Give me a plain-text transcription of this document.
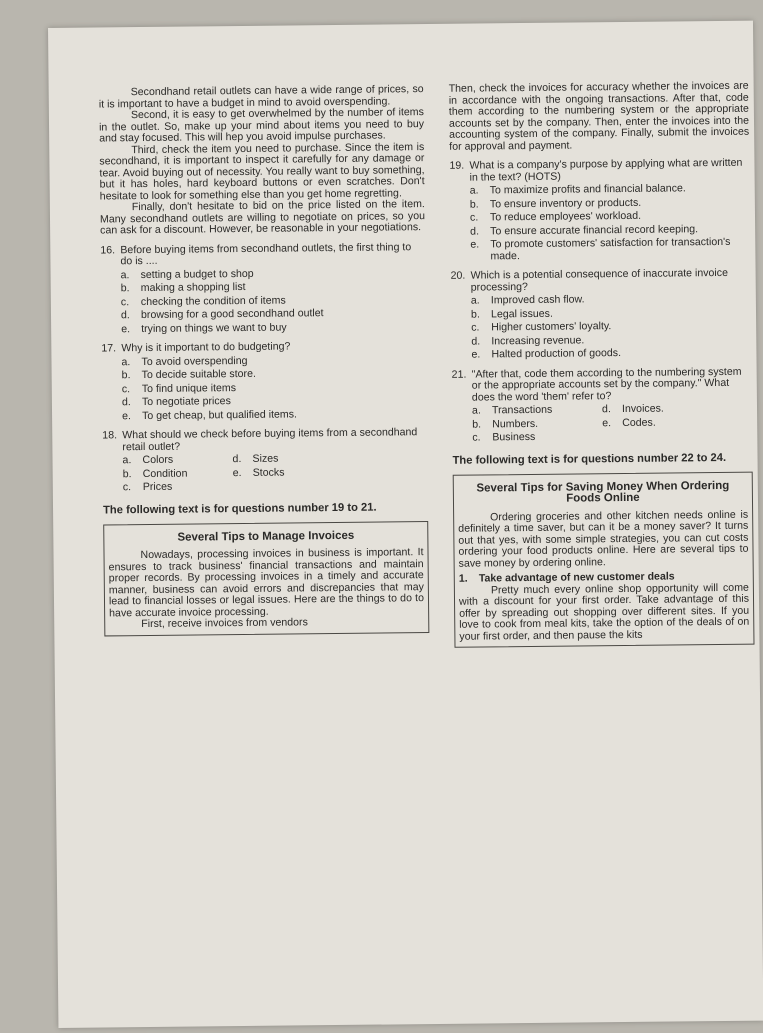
Secondhand retail outlets can have a wide range of prices, so it is important to have a budget in mind to avoid overspending.

Second, it is easy to get overwhelmed by the number of items in the outlet. So, make up your mind about items you need to buy and stay focused. This will hep you avoid impulse purchases.

Third, check the item you need to purchase. Since the item is secondhand, it is important to inspect it carefully for any damage or tear. Avoid buying out of necessity. You really want to buy something, but it has holes, hard keyboard buttons or even scratches. Don't hesitate to look for something else than you get home regretting.

Finally, don't hesitate to bid on the price listed on the item. Many secondhand outlets are willing to negotiate on prices, so you can ask for a discount. However, be reasonable in your negotiations.

16. Before buying items from secondhand outlets, the first thing to do is ....
a.	setting a budget to shop
b.	making a shopping list
c.	checking the condition of items
d.	browsing for a good secondhand outlet
e.	trying on things we want to buy
17. Why is it important to do budgeting?
a.	To avoid overspending
b.	To decide suitable store.
c.	To find unique items
d.	To negotiate prices
e.	To get cheap, but qualified items.
18. What should we check before buying items from a secondhand retail outlet?
a.	Colors	d.	Sizes
b.	Condition	e.	Stocks
c.	Prices
The following text is for questions number 19 to 21.
Several Tips to Manage Invoices

Nowadays, processing invoices in business is important. It ensures to track business' financial transactions and maintain proper records. By processing invoices in a timely and accurate manner, business can avoid errors and discrepancies that may lead to financial losses or legal issues. Here are the things to do to have accurate invoice processing.

First, receive invoices from vendors

Then, check the invoices for accuracy whether the invoices are in accordance with the ongoing transactions. After that, code them according to the numbering system or the appropriate accounts set by the company. Then, enter the invoices into the accounting system of the company. Finally, submit the invoices for approval and payment.

19. What is a company's purpose by applying what are written in the text? (HOTS)
a.	To maximize profits and financial balance.
b.	To ensure inventory or products.
c.	To reduce employees' workload.
d.	To ensure accurate financial record keeping.
e.	To promote customers' satisfaction for transaction's made.
20. Which is a potential consequence of inaccurate invoice processing?
a.	Improved cash flow.
b.	Legal issues.
c.	Higher customers' loyalty.
d.	Increasing revenue.
e.	Halted production of goods.
21. "After that, code them according to the numbering system or the appropriate accounts set by the company." What does the word 'them' refer to?
a.	Transactions	d.	Invoices.
b.	Numbers.	e.	Codes.
c.	Business
The following text is for questions number 22 to 24.
Several Tips for Saving Money When Ordering Foods Online

Ordering groceries and other kitchen needs online is definitely a time saver, but can it be a money saver? It turns out that yes, with some simple strategies, you can cut costs ordering your food products online. Here are several tips to save money by ordering online.

1.	Take advantage of new customer deals

Pretty much every online shop opportunity will come with a discount for your first order. Take advantage of this offer by spreading out shopping over different sites. If you love to cook from meal kits, take the option of the deals of on your first order, and then pause the kits
